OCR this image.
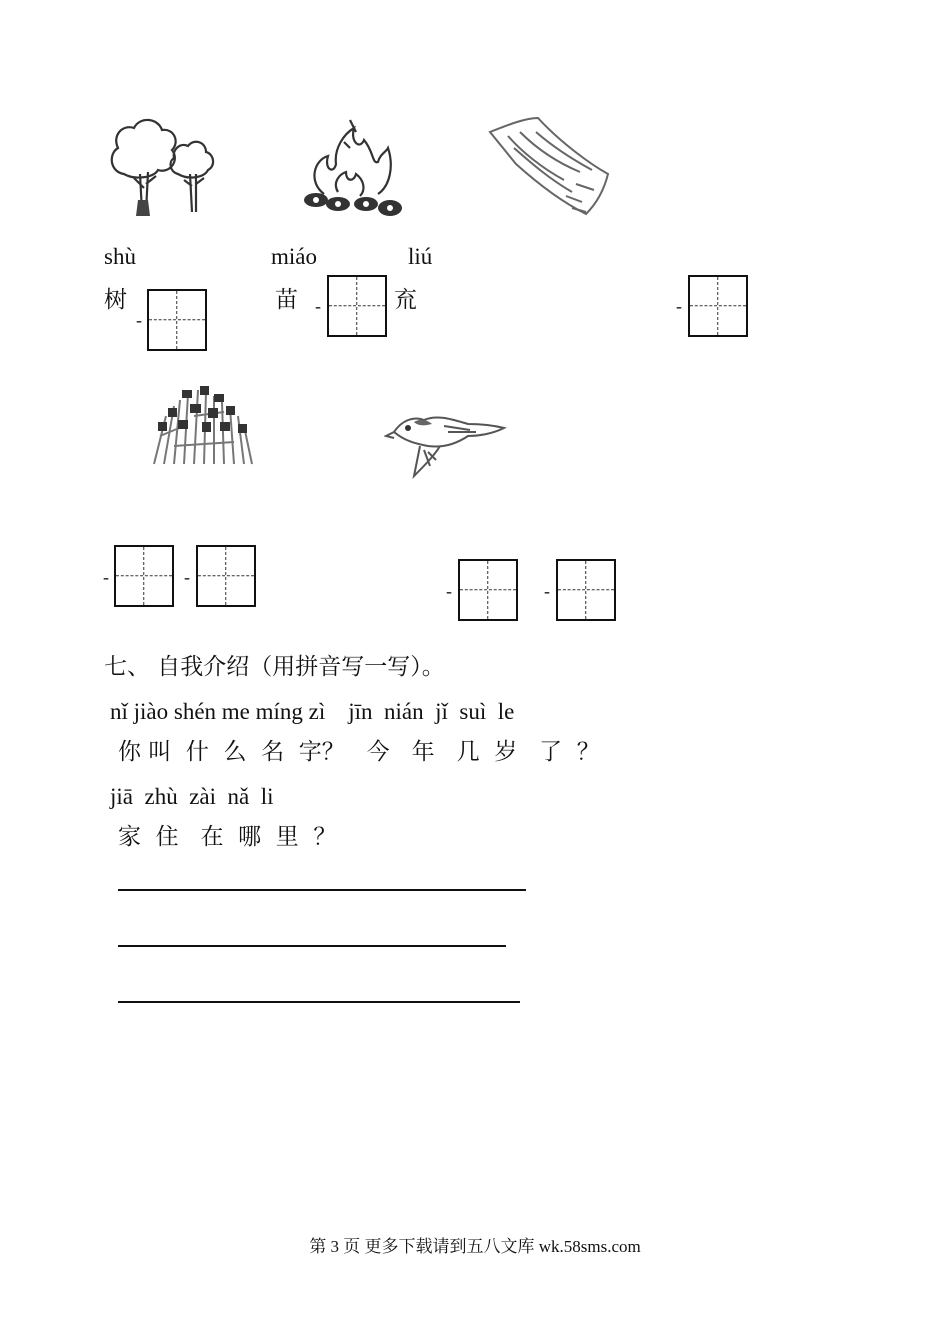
shù	miáo	liú
树
-
苗 -	㐬	-
-	-
-	-
七、 自我介绍（用拼音写一写）。
nǐ jiào shén me míng zì    jīn  nián  jǐ  suì  le
你 叫  什  么  名  字？   今   年   几  岁   了  ？
jiā  zhù  zài  nǎ  li
家  住   在  哪  里  ？
第 3 页 更多下载请到五八文库 wk.58sms.com
